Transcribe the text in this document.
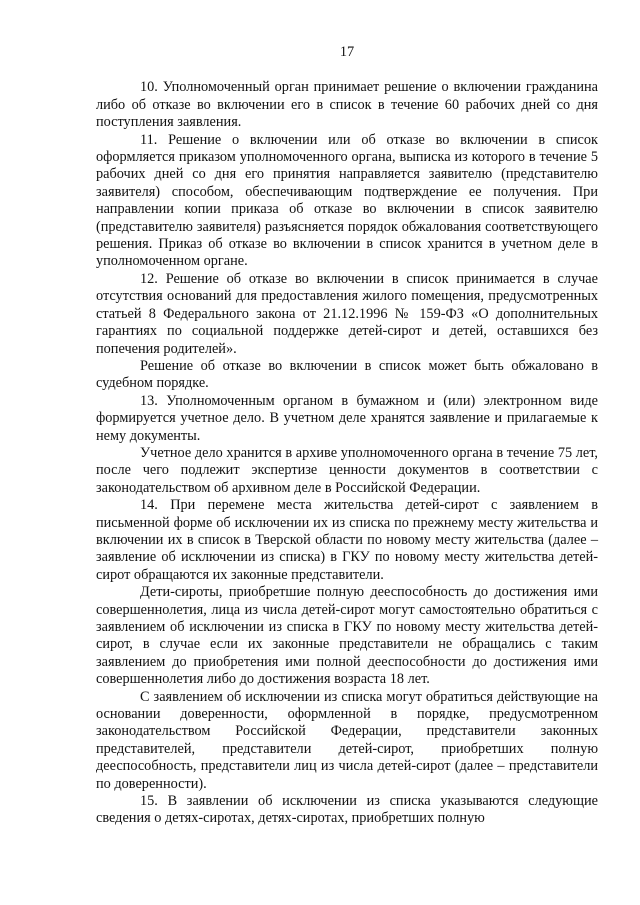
17

10. Уполномоченный орган принимает решение о включении гражданина либо об отказе во включении его в список в течение 60 рабочих дней со дня поступления заявления.

11. Решение о включении или об отказе во включении в список оформляется приказом уполномоченного органа, выписка из которого в течение 5 рабочих дней со дня его принятия направляется заявителю (представителю заявителя) способом, обеспечивающим подтверждение ее получения. При направлении копии приказа об отказе во включении в список заявителю (представителю заявителя) разъясняется порядок обжалования соответствующего решения. Приказ об отказе во включении в список хранится в учетном деле в уполномоченном органе.

12. Решение об отказе во включении в список принимается в случае отсутствия оснований для предоставления жилого помещения, предусмотренных статьей 8 Федерального закона от 21.12.1996 № 159-ФЗ «О дополнительных гарантиях по социальной поддержке детей-сирот и детей, оставшихся без попечения родителей».

Решение об отказе во включении в список может быть обжаловано в судебном порядке.

13. Уполномоченным органом в бумажном и (или) электронном виде формируется учетное дело. В учетном деле хранятся заявление и прилагаемые к нему документы.

Учетное дело хранится в архиве уполномоченного органа в течение 75 лет, после чего подлежит экспертизе ценности документов в соответствии с законодательством об архивном деле в Российской Федерации.

14. При перемене места жительства детей-сирот с заявлением в письменной форме об исключении их из списка по прежнему месту жительства и включении их в список в Тверской области по новому месту жительства (далее – заявление об исключении из списка) в ГКУ по новому месту жительства детей-сирот обращаются их законные представители.

Дети-сироты, приобретшие полную дееспособность до достижения ими совершеннолетия, лица из числа детей-сирот могут самостоятельно обратиться с заявлением об исключении из списка в ГКУ по новому месту жительства детей-сирот, в случае если их законные представители не обращались с таким заявлением до приобретения ими полной дееспособности до достижения ими совершеннолетия либо до достижения возраста 18 лет.

С заявлением об исключении из списка могут обратиться действующие на основании доверенности, оформленной в порядке, предусмотренном законодательством Российской Федерации, представители законных представителей, представители детей-сирот, приобретших полную дееспособность, представители лиц из числа детей-сирот (далее – представители по доверенности).

15. В заявлении об исключении из списка указываются следующие сведения о детях-сиротах, детях-сиротах, приобретших полную
